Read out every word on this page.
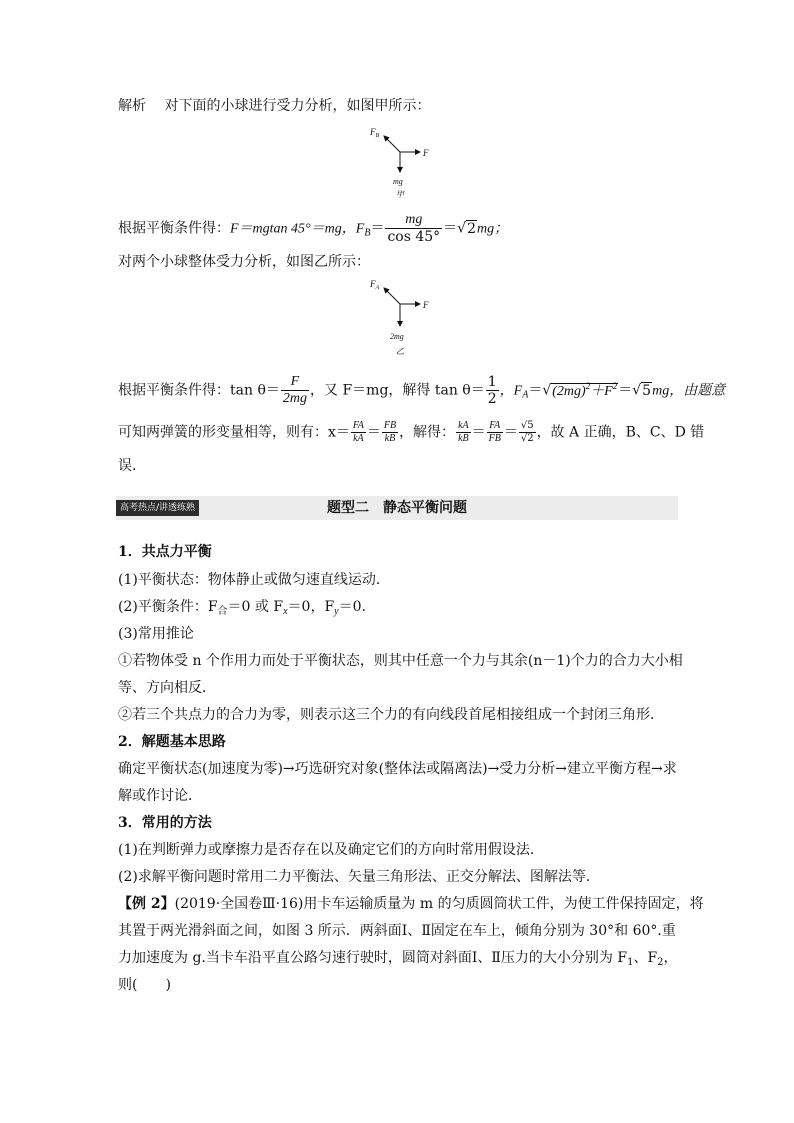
解析　 对下面的小球进行受力分析，如图甲所示：
$F_B$
F
mg
甲
根据平衡条件得：F＝mgtan 45°＝mg，$F_B= \frac{mg}{\cos 45^\circ} =√2mg$；
对两个小球整体受力分析，如图乙所示：
$F_A$
F
2mg
乙
根据平衡条件得：$\tan \theta= \frac{F}{2mg}$ ，又 F＝mg，解得 $\tan \theta= \frac{1}{2}$ ，$F_A=√(2mg)^2+F^2=√5mg$，由题意
可知两弹簧的形变量相等，则有：$x= \frac{FA}{kA} = \frac{FB}{kB}$ ，解得： $\frac{kA}{kB} = \frac{FA}{FB} = \frac{√5}{√2}$ ，故 A 正确，B、C、D 错
误．
高考热点/讲透练熟	题型二　静态平衡问题
1．共点力平衡
(1)平衡状态：物体静止或做匀速直线运动．
(2)平衡条件：$F_合=0$ 或 $F_x=0$，$F_y=0$.
(3)常用推论
①若物体受 n 个作用力而处于平衡状态，则其中任意一个力与其余(n－1)个力的合力大小相
等、方向相反．
②若三个共点力的合力为零，则表示这三个力的有向线段首尾相接组成一个封闭三角形．
2．解题基本思路
确定平衡状态(加速度为零)→巧选研究对象(整体法或隔离法)→受力分析→建立平衡方程→求
解或作讨论．
3．常用的方法
(1)在判断弹力或摩擦力是否存在以及确定它们的方向时常用假设法．
(2)求解平衡问题时常用二力平衡法、矢量三角形法、正交分解法、图解法等．
【例 2】(2019·全国卷Ⅲ·16)用卡车运输质量为 m 的匀质圆筒状工件，为使工件保持固定，将
其置于两光滑斜面之间，如图 3 所示．两斜面Ⅰ、Ⅱ固定在车上，倾角分别为 30°和 60°.重
力加速度为 g.当卡车沿平直公路匀速行驶时，圆筒对斜面Ⅰ、Ⅱ压力的大小分别为 $F_1$、$F_2$，
则(　　)
